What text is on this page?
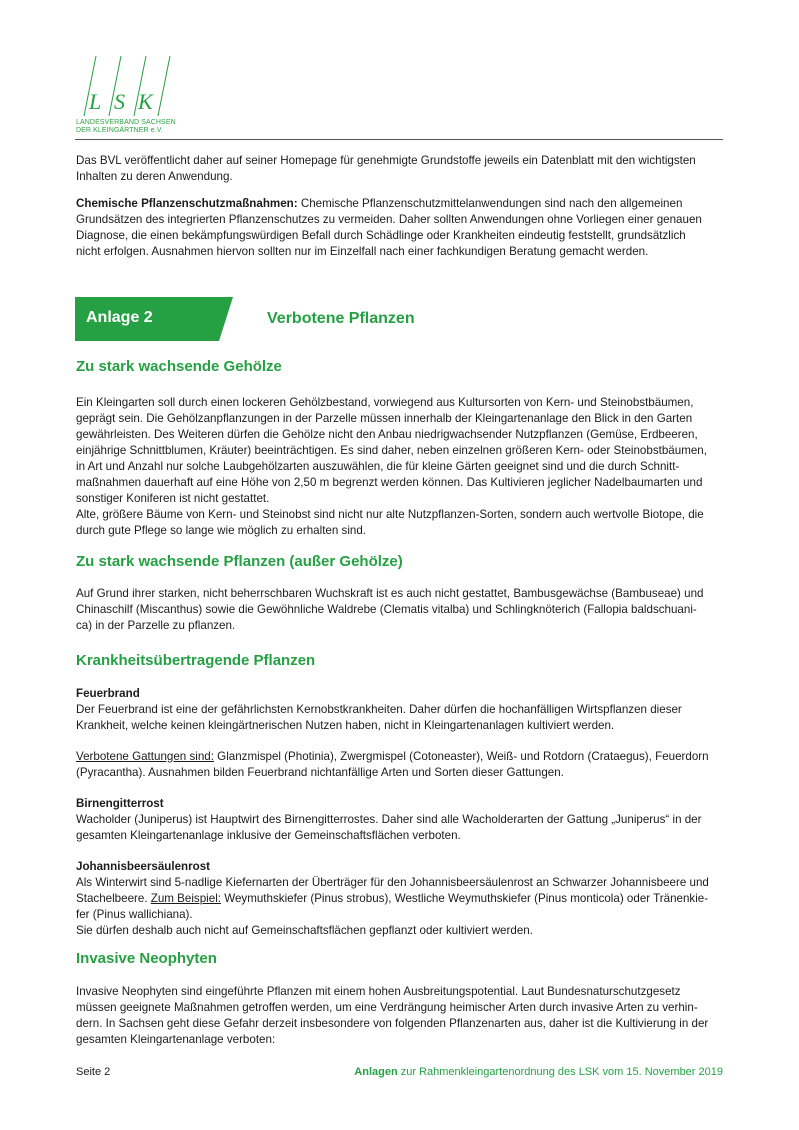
L S K
LANDESVERBAND SACHSEN
DER KLEINGÄRTNER e.V.
Das BVL veröffentlicht daher auf seiner Homepage für genehmigte Grundstoffe jeweils ein Datenblatt mit den wichtigsten
Inhalten zu deren Anwendung.
Chemische Pflanzenschutzmaßnahmen: Chemische Pflanzenschutzmittelanwendungen sind nach den allgemeinen
Grundsätzen des integrierten Pflanzenschutzes zu vermeiden. Daher sollten Anwendungen ohne Vorliegen einer genauen
Diagnose, die einen bekämpfungswürdigen Befall durch Schädlinge oder Krankheiten eindeutig feststellt, grundsätzlich
nicht erfolgen. Ausnahmen hiervon sollten nur im Einzelfall nach einer fachkundigen Beratung gemacht werden.
Anlage 2	Verbotene Pflanzen
Zu stark wachsende Gehölze
Ein Kleingarten soll durch einen lockeren Gehölzbestand, vorwiegend aus Kultursorten von Kern- und Steinobstbäumen,
geprägt sein. Die Gehölzanpflanzungen in der Parzelle müssen innerhalb der Kleingartenanlage den Blick in den Garten
gewährleisten. Des Weiteren dürfen die Gehölze nicht den Anbau niedrigwachsender Nutzpflanzen (Gemüse, Erdbeeren,
einjährige Schnittblumen, Kräuter) beeinträchtigen. Es sind daher, neben einzelnen größeren Kern- oder Steinobstbäumen,
in Art und Anzahl nur solche Laubgehölzarten auszuwählen, die für kleine Gärten geeignet sind und die durch Schnitt-
maßnahmen dauerhaft auf eine Höhe von 2,50 m begrenzt werden können. Das Kultivieren jeglicher Nadelbaumarten und
sonstiger Koniferen ist nicht gestattet.
Alte, größere Bäume von Kern- und Steinobst sind nicht nur alte Nutzpflanzen-Sorten, sondern auch wertvolle Biotope, die
durch gute Pflege so lange wie möglich zu erhalten sind.
Zu stark wachsende Pflanzen (außer Gehölze)
Auf Grund ihrer starken, nicht beherrschbaren Wuchskraft ist es auch nicht gestattet, Bambusgewächse (Bambuseae) und
Chinaschilf (Miscanthus) sowie die Gewöhnliche Waldrebe (Clematis vitalba) und Schlingknöterich (Fallopia baldschuani-
ca) in der Parzelle zu pflanzen.
Krankheitsübertragende Pflanzen
Feuerbrand
Der Feuerbrand ist eine der gefährlichsten Kernobstkrankheiten. Daher dürfen die hochanfälligen Wirtspflanzen dieser
Krankheit, welche keinen kleingärtnerischen Nutzen haben, nicht in Kleingartenanlagen kultiviert werden.
Verbotene Gattungen sind: Glanzmispel (Photinia), Zwergmispel (Cotoneaster), Weiß- und Rotdorn (Crataegus), Feuerdorn
(Pyracantha). Ausnahmen bilden Feuerbrand nichtanfällige Arten und Sorten dieser Gattungen.
Birnengitterrost
Wacholder (Juniperus) ist Hauptwirt des Birnengitterrostes. Daher sind alle Wacholderarten der Gattung „Juniperus“ in der
gesamten Kleingartenanlage inklusive der Gemeinschaftsflächen verboten.
Johannisbeersäulenrost
Als Winterwirt sind 5-nadlige Kiefernarten der Überträger für den Johannisbeersäulenrost an Schwarzer Johannisbeere und
Stachelbeere. Zum Beispiel: Weymuthskiefer (Pinus strobus), Westliche Weymuthskiefer (Pinus monticola) oder Tränenkie-
fer (Pinus wallichiana).
Sie dürfen deshalb auch nicht auf Gemeinschaftsflächen gepflanzt oder kultiviert werden.
Invasive Neophyten
Invasive Neophyten sind eingeführte Pflanzen mit einem hohen Ausbreitungspotential. Laut Bundesnaturschutzgesetz
müssen geeignete Maßnahmen getroffen werden, um eine Verdrängung heimischer Arten durch invasive Arten zu verhin-
dern. In Sachsen geht diese Gefahr derzeit insbesondere von folgenden Pflanzenarten aus, daher ist die Kultivierung in der
gesamten Kleingartenanlage verboten:
Seite 2	Anlagen zur Rahmenkleingartenordnung des LSK vom 15. November 2019
